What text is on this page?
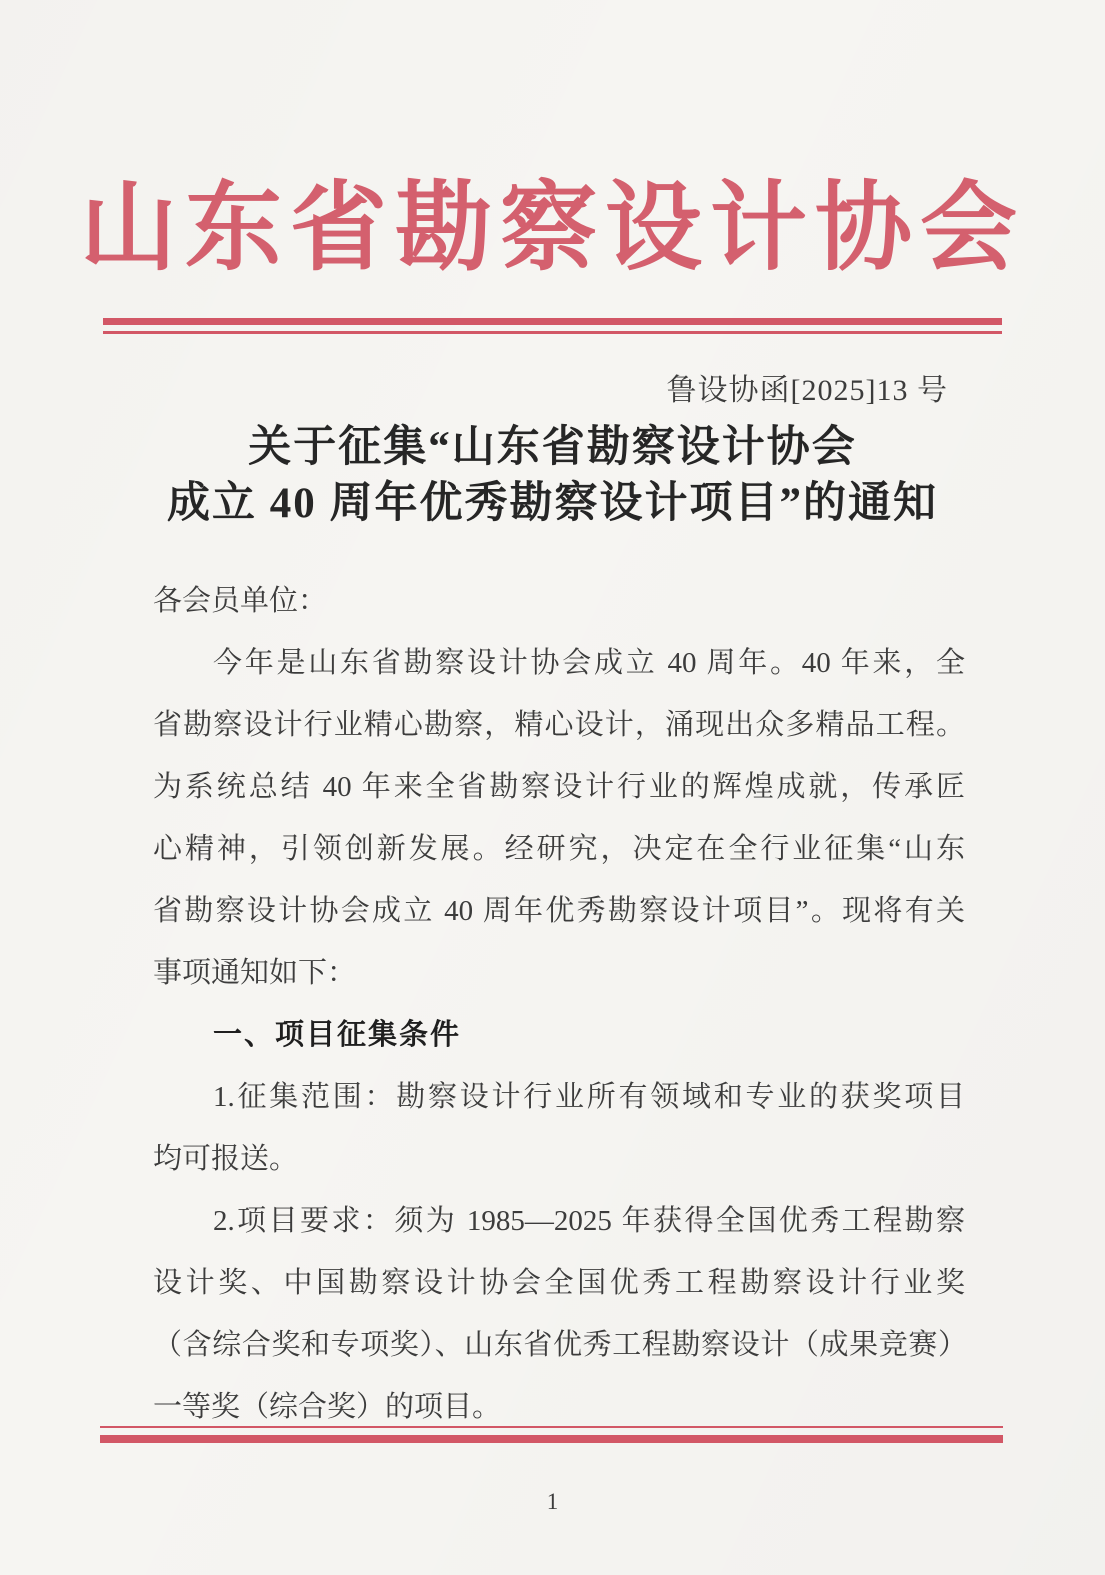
山东省勘察设计协会
鲁设协函[2025]13 号
关于征集“山东省勘察设计协会
成立 40 周年优秀勘察设计项目”的通知
各会员单位：
今年是山东省勘察设计协会成立 40 周年。40 年来，全
省勘察设计行业精心勘察，精心设计，涌现出众多精品工程。
为系统总结 40 年来全省勘察设计行业的辉煌成就，传承匠
心精神，引领创新发展。经研究，决定在全行业征集“山东
省勘察设计协会成立 40 周年优秀勘察设计项目”。现将有关
事项通知如下：
一、项目征集条件
1.征集范围：勘察设计行业所有领域和专业的获奖项目
均可报送。
2.项目要求：须为 1985—2025 年获得全国优秀工程勘察
设计奖、中国勘察设计协会全国优秀工程勘察设计行业奖
（含综合奖和专项奖）、山东省优秀工程勘察设计（成果竞赛）
一等奖（综合奖）的项目。
1
